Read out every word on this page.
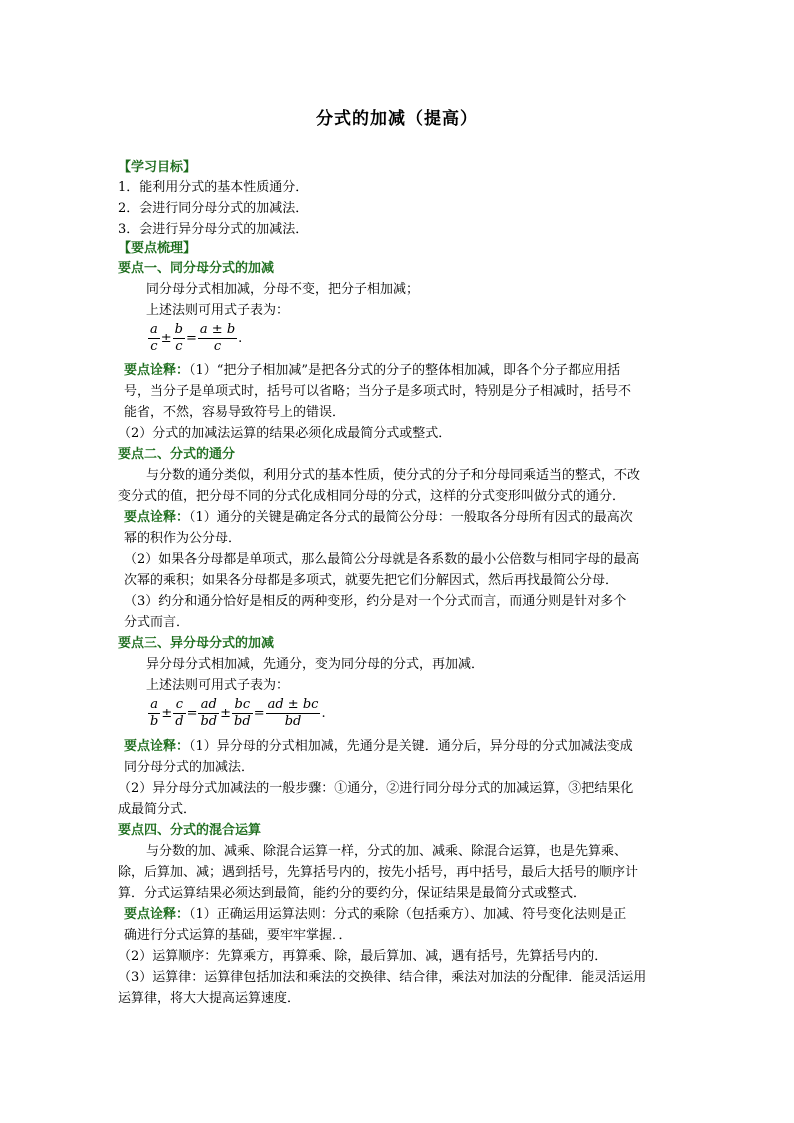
分式的加减（提高）
【学习目标】
1．能利用分式的基本性质通分．
2．会进行同分母分式的加减法．
3．会进行异分母分式的加减法．
【要点梳理】
要点一、同分母分式的加减
同分母分式相加减，分母不变，把分子相加减；
上述法则可用式子表为：
$\frac{a}{c} \pm \frac{b}{c} = \frac{a \pm b}{c}$ .
要点诠释：（1）“把分子相加减”是把各分式的分子的整体相加减，即各个分子都应用括
号，当分子是单项式时，括号可以省略；当分子是多项式时，特别是分子相减时，括号不
能省，不然，容易导致符号上的错误．
（2）分式的加减法运算的结果必须化成最简分式或整式．
要点二、分式的通分
与分数的通分类似，利用分式的基本性质，使分式的分子和分母同乘适当的整式，不改
变分式的值，把分母不同的分式化成相同分母的分式，这样的分式变形叫做分式的通分．
要点诠释：（1）通分的关键是确定各分式的最简公分母：一般取各分母所有因式的最高次
幂的积作为公分母．
（2）如果各分母都是单项式，那么最简公分母就是各系数的最小公倍数与相同字母的最高
次幂的乘积；如果各分母都是多项式，就要先把它们分解因式，然后再找最简公分母．
（3）约分和通分恰好是相反的两种变形，约分是对一个分式而言，而通分则是针对多个
分式而言．
要点三、异分母分式的加减
异分母分式相加减，先通分，变为同分母的分式，再加减．
上述法则可用式子表为：
$\frac{a}{b} \pm \frac{c}{d} = \frac{ad}{bd} \pm \frac{bc}{bd} = \frac{ad \pm bc}{bd}$ .
要点诠释：（1）异分母的分式相加减，先通分是关键．通分后，异分母的分式加减法变成
同分母分式的加减法．
（2）异分母分式加减法的一般步骤：①通分，②进行同分母分式的加减运算，③把结果化
成最简分式．
要点四、分式的混合运算
与分数的加、减乘、除混合运算一样，分式的加、减乘、除混合运算，也是先算乘、
除，后算加、减；遇到括号，先算括号内的，按先小括号，再中括号，最后大括号的顺序计
算．分式运算结果必须达到最简，能约分的要约分，保证结果是最简分式或整式．
要点诠释：（1）正确运用运算法则：分式的乘除（包括乘方）、加减、符号变化法则是正
确进行分式运算的基础，要牢牢掌握．．
（2）运算顺序：先算乘方，再算乘、除，最后算加、减，遇有括号，先算括号内的．
（3）运算律：运算律包括加法和乘法的交换律、结合律，乘法对加法的分配律．能灵活运用
运算律，将大大提高运算速度．
